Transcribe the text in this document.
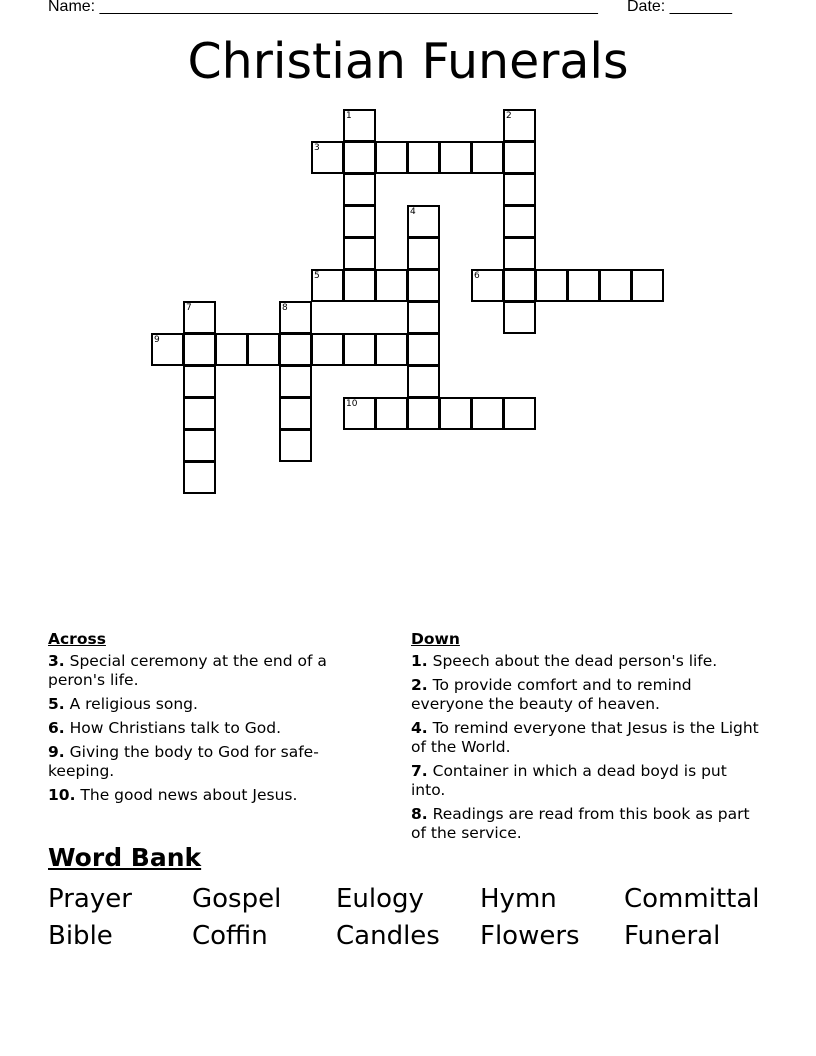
Name: ________________________________________________________ Date: _______
Christian Funerals
1	2
3
4
5	6
7	8
9
10
Across
3. Special ceremony at the end of a peron's life.
5. A religious song.
6. How Christians talk to God.
9. Giving the body to God for safe-keeping.
10. The good news about Jesus.
Down
1. Speech about the dead person's life.
2. To provide comfort and to remind everyone the beauty of heaven.
4. To remind everyone that Jesus is the Light of the World.
7. Container in which a dead boyd is put into.
8. Readings are read from this book as part of the service.
Word Bank
Prayer Gospel Eulogy Hymn	Committal
Bible	Coffin	Candles Flowers Funeral
